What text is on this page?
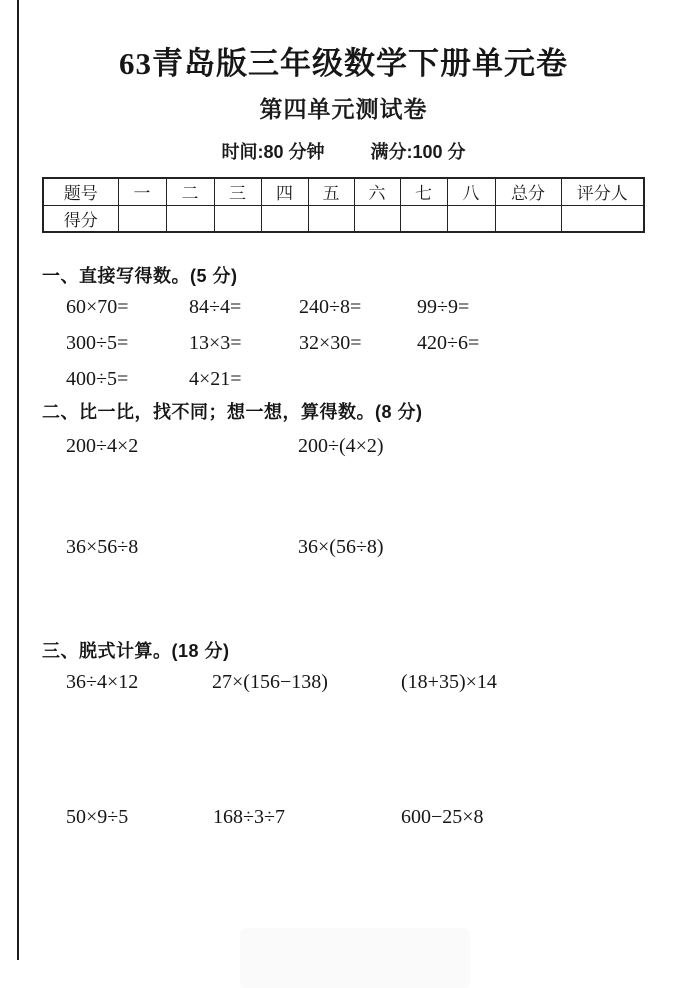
63青岛版三年级数学下册单元卷
第四单元测试卷
时间:80 分钟	满分:100 分
题号	一	二	三	四	五	六	七	八	总分	评分人
得分										
一、直接写得数。(5 分)
60×70=	84÷4=	240÷8=	99÷9=
300÷5=	13×3=	32×30=	420÷6=
400÷5=	4×21=
二、比一比，找不同；想一想，算得数。(8 分)
200÷4×2	200÷(4×2)
36×56÷8	36×(56÷8)
三、脱式计算。(18 分)
36÷4×12	27×(156−138)	(18+35)×14
50×9÷5	168÷3÷7	600−25×8
